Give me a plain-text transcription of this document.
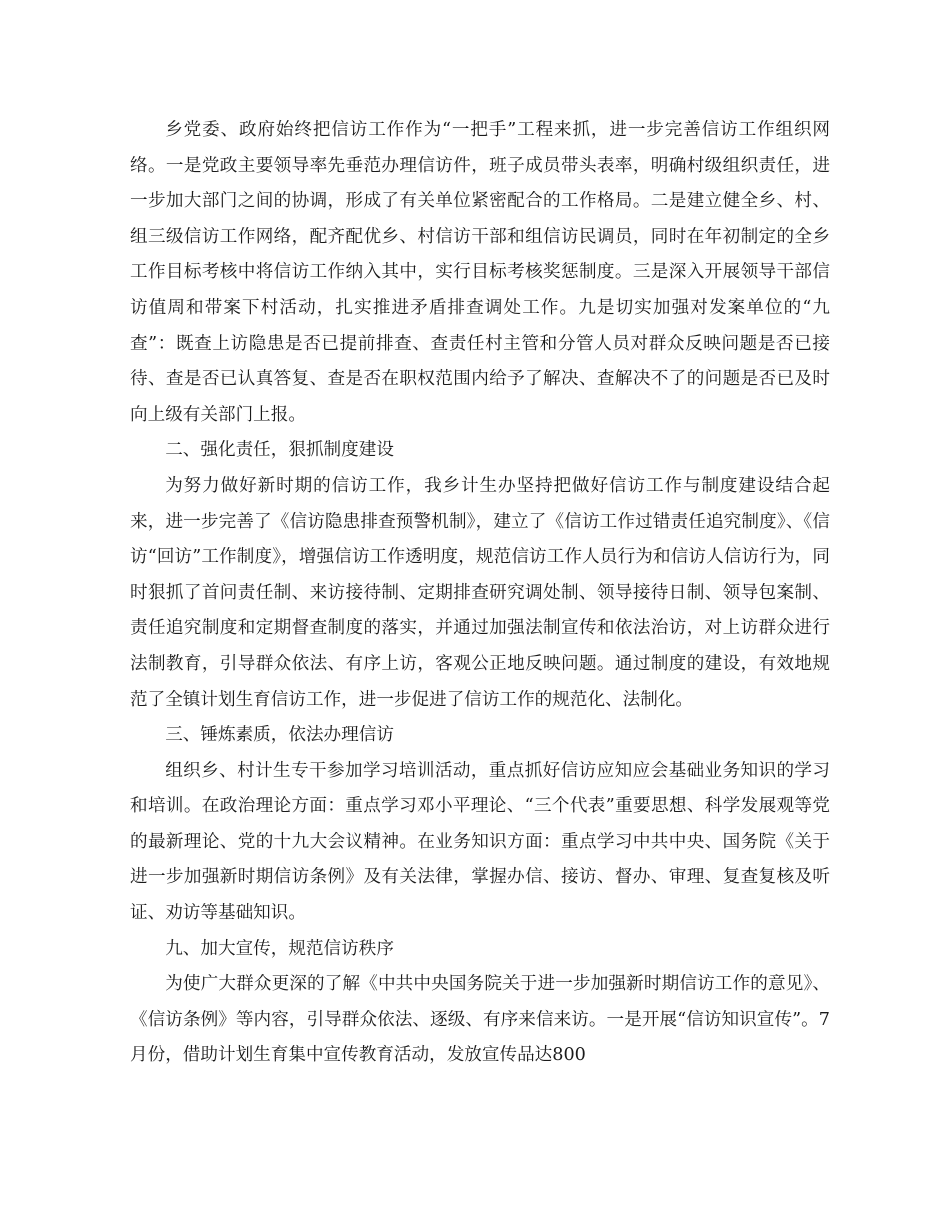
乡党委、政府始终把信访工作作为“一把手”工程来抓，进一步完善信访工作组织网络。一是党政主要领导率先垂范办理信访件，班子成员带头表率，明确村级组织责任，进一步加大部门之间的协调，形成了有关单位紧密配合的工作格局。二是建立健全乡、村、组三级信访工作网络，配齐配优乡、村信访干部和组信访民调员，同时在年初制定的全乡工作目标考核中将信访工作纳入其中，实行目标考核奖惩制度。三是深入开展领导干部信访值周和带案下村活动，扎实推进矛盾排查调处工作。九是切实加强对发案单位的“九查”：既查上访隐患是否已提前排查、查责任村主管和分管人员对群众反映问题是否已接待、查是否已认真答复、查是否在职权范围内给予了解决、查解决不了的问题是否已及时向上级有关部门上报。

二、强化责任，狠抓制度建设

为努力做好新时期的信访工作，我乡计生办坚持把做好信访工作与制度建设结合起来，进一步完善了《信访隐患排查预警机制》，建立了《信访工作过错责任追究制度》、《信访“回访”工作制度》，增强信访工作透明度，规范信访工作人员行为和信访人信访行为，同时狠抓了首问责任制、来访接待制、定期排查研究调处制、领导接待日制、领导包案制、责任追究制度和定期督查制度的落实，并通过加强法制宣传和依法治访，对上访群众进行法制教育，引导群众依法、有序上访，客观公正地反映问题。通过制度的建设，有效地规范了全镇计划生育信访工作，进一步促进了信访工作的规范化、法制化。

三、锤炼素质，依法办理信访

组织乡、村计生专干参加学习培训活动，重点抓好信访应知应会基础业务知识的学习和培训。在政治理论方面：重点学习邓小平理论、“三个代表”重要思想、科学发展观等党的最新理论、党的十九大会议精神。在业务知识方面：重点学习中共中央、国务院《关于进一步加强新时期信访条例》及有关法律，掌握办信、接访、督办、审理、复查复核及听证、劝访等基础知识。

九、加大宣传，规范信访秩序

为使广大群众更深的了解《中共中央国务院关于进一步加强新时期信访工作的意见》、《信访条例》等内容，引导群众依法、逐级、有序来信来访。一是开展“信访知识宣传”。7月份，借助计划生育集中宣传教育活动，发放宣传品达800
